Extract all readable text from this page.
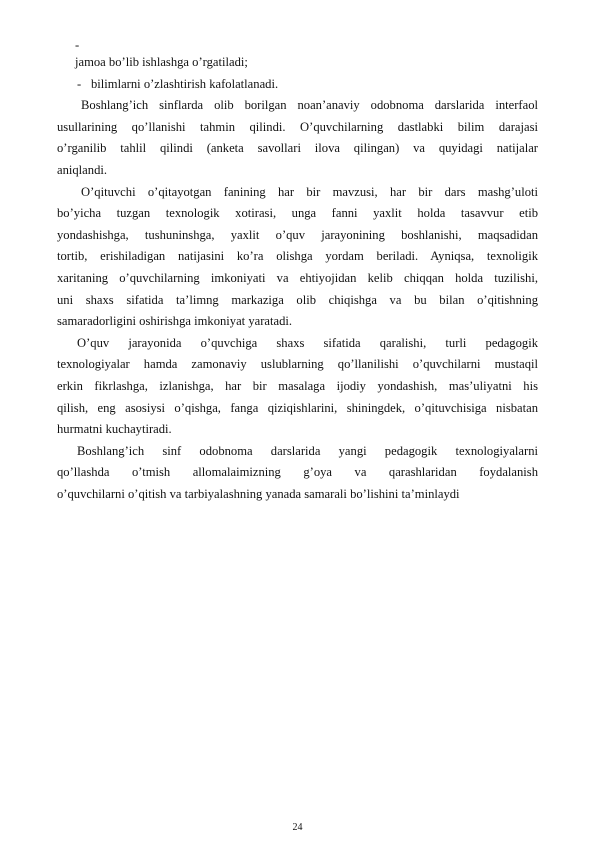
-
jamoa bo’lib ishlashga o’rgatiladi;
- bilimlarni o’zlashtirish kafolatlanadi.
Boshlang’ich sinflarda olib borilgan noan’anaviy odobnoma darslarida interfaol
usullarining qo’llanishi tahmin qilindi. O’quvchilarning dastlabki bilim darajasi
o’rganilib tahlil qilindi (anketa savollari ilova qilingan) va quyidagi natijalar
aniqlandi.
O’qituvchi o’qitayotgan fanining har bir mavzusi, har bir dars mashg’uloti
bo’yicha tuzgan texnologik xotirasi, unga fanni yaxlit holda tasavvur etib
yondashishga, tushuninshga, yaxlit o’quv jarayonining boshlanishi, maqsadidan
tortib, erishiladigan natijasini ko’ra olishga yordam beriladi. Ayniqsa, texnoligik
xaritaning o’quvchilarning imkoniyati va ehtiyojidan kelib chiqqan holda tuzilishi,
uni shaxs sifatida ta’limng markaziga olib chiqishga va bu bilan o’qitishning
samaradorligini oshirishga imkoniyat yaratadi.
O’quv jarayonida o’quvchiga shaxs sifatida qaralishi, turli pedagogik
texnologiyalar hamda zamonaviy uslublarning qo’llanilishi o’quvchilarni mustaqil
erkin fikrlashga, izlanishga, har bir masalaga ijodiy yondashish, mas’uliyatni his
qilish, eng asosiysi o’qishga, fanga qiziqishlarini, shiningdek, o’qituvchisiga nisbatan
hurmatni kuchaytiradi.
Boshlang’ich sinf odobnoma darslarida yangi pedagogik texnologiyalarni
qo’llashda o’tmish allomalaimizning g’oya va qarashlaridan foydalanish
o’quvchilarni o’qitish va tarbiyalashning yanada samarali bo’lishini ta’minlaydi
24
